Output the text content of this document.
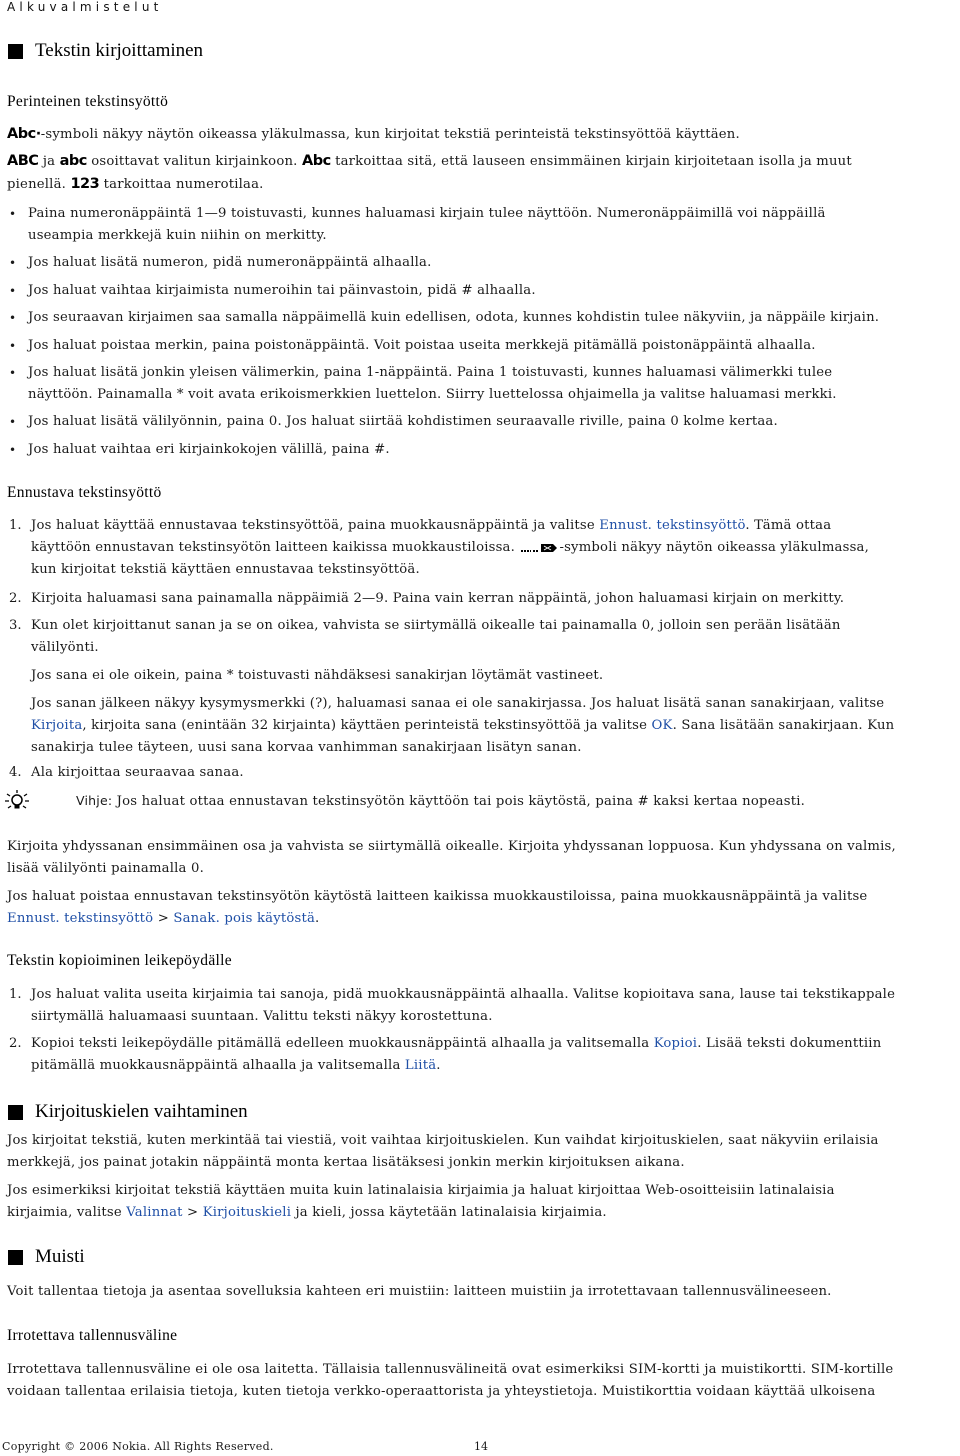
Alkuvalmistelut
Tekstin kirjoittaminen
Perinteinen tekstinsyöttö
Abc·-symboli näkyy näytön oikeassa yläkulmassa, kun kirjoitat tekstiä perinteistä tekstinsyöttöä käyttäen.
ABC ja abc osoittavat valitun kirjainkoon. Abc tarkoittaa sitä, että lauseen ensimmäinen kirjain kirjoitetaan isolla ja muut
pienellä. 123 tarkoittaa numerotilaa.
• Paina numeronäppäintä 1—9 toistuvasti, kunnes haluamasi kirjain tulee näyttöön. Numeronäppäimillä voi näppäillä
useampia merkkejä kuin niihin on merkitty.
• Jos haluat lisätä numeron, pidä numeronäppäintä alhaalla.
• Jos haluat vaihtaa kirjaimista numeroihin tai päinvastoin, pidä # alhaalla.
• Jos seuraavan kirjaimen saa samalla näppäimellä kuin edellisen, odota, kunnes kohdistin tulee näkyviin, ja näppäile kirjain.
• Jos haluat poistaa merkin, paina poistonäppäintä. Voit poistaa useita merkkejä pitämällä poistonäppäintä alhaalla.
• Jos haluat lisätä jonkin yleisen välimerkin, paina 1-näppäintä. Paina 1 toistuvasti, kunnes haluamasi välimerkki tulee
näyttöön. Painamalla * voit avata erikoismerkkien luettelon. Siirry luettelossa ohjaimella ja valitse haluamasi merkki.
• Jos haluat lisätä välilyönnin, paina 0. Jos haluat siirtää kohdistimen seuraavalle riville, paina 0 kolme kertaa.
• Jos haluat vaihtaa eri kirjainkokojen välillä, paina #.
Ennustava tekstinsyöttö
1. Jos haluat käyttää ennustavaa tekstinsyöttöä, paina muokkausnäppäintä ja valitse Ennust. tekstinsyöttö. Tämä ottaa
käyttöön ennustavan tekstinsyötön laitteen kaikissa muokkaustiloissa.	-symboli näkyy näytön oikeassa yläkulmassa,
kun kirjoitat tekstiä käyttäen ennustavaa tekstinsyöttöä.
2. Kirjoita haluamasi sana painamalla näppäimiä 2—9. Paina vain kerran näppäintä, johon haluamasi kirjain on merkitty.
3. Kun olet kirjoittanut sanan ja se on oikea, vahvista se siirtymällä oikealle tai painamalla 0, jolloin sen perään lisätään
välilyönti.
Jos sana ei ole oikein, paina * toistuvasti nähdäksesi sanakirjan löytämät vastineet.
Jos sanan jälkeen näkyy kysymysmerkki (?), haluamasi sanaa ei ole sanakirjassa. Jos haluat lisätä sanan sanakirjaan, valitse
Kirjoita, kirjoita sana (enintään 32 kirjainta) käyttäen perinteistä tekstinsyöttöä ja valitse OK. Sana lisätään sanakirjaan. Kun
sanakirja tulee täyteen, uusi sana korvaa vanhimman sanakirjaan lisätyn sanan.
4. Ala kirjoittaa seuraavaa sanaa.
Vihje: Jos haluat ottaa ennustavan tekstinsyötön käyttöön tai pois käytöstä, paina # kaksi kertaa nopeasti.
Kirjoita yhdyssanan ensimmäinen osa ja vahvista se siirtymällä oikealle. Kirjoita yhdyssanan loppuosa. Kun yhdyssana on valmis,
lisää välilyönti painamalla 0.
Jos haluat poistaa ennustavan tekstinsyötön käytöstä laitteen kaikissa muokkaustiloissa, paina muokkausnäppäintä ja valitse
Ennust. tekstinsyöttö > Sanak. pois käytöstä.
Tekstin kopioiminen leikepöydälle
1. Jos haluat valita useita kirjaimia tai sanoja, pidä muokkausnäppäintä alhaalla. Valitse kopioitava sana, lause tai tekstikappale
siirtymällä haluamaasi suuntaan. Valittu teksti näkyy korostettuna.
2. Kopioi teksti leikepöydälle pitämällä edelleen muokkausnäppäintä alhaalla ja valitsemalla Kopioi. Lisää teksti dokumenttiin
pitämällä muokkausnäppäintä alhaalla ja valitsemalla Liitä.
Kirjoituskielen vaihtaminen
Jos kirjoitat tekstiä, kuten merkintää tai viestiä, voit vaihtaa kirjoituskielen. Kun vaihdat kirjoituskielen, saat näkyviin erilaisia
merkkejä, jos painat jotakin näppäintä monta kertaa lisätäksesi jonkin merkin kirjoituksen aikana.
Jos esimerkiksi kirjoitat tekstiä käyttäen muita kuin latinalaisia kirjaimia ja haluat kirjoittaa Web-osoitteisiin latinalaisia
kirjaimia, valitse Valinnat > Kirjoituskieli ja kieli, jossa käytetään latinalaisia kirjaimia.
Muisti
Voit tallentaa tietoja ja asentaa sovelluksia kahteen eri muistiin: laitteen muistiin ja irrotettavaan tallennusvälineeseen.
Irrotettava tallennusväline
Irrotettava tallennusväline ei ole osa laitetta. Tällaisia tallennusvälineitä ovat esimerkiksi SIM-kortti ja muistikortti. SIM-kortille
voidaan tallentaa erilaisia tietoja, kuten tietoja verkko-operaattorista ja yhteystietoja. Muistikorttia voidaan käyttää ulkoisena
Copyright © 2006 Nokia. All Rights Reserved.	14
